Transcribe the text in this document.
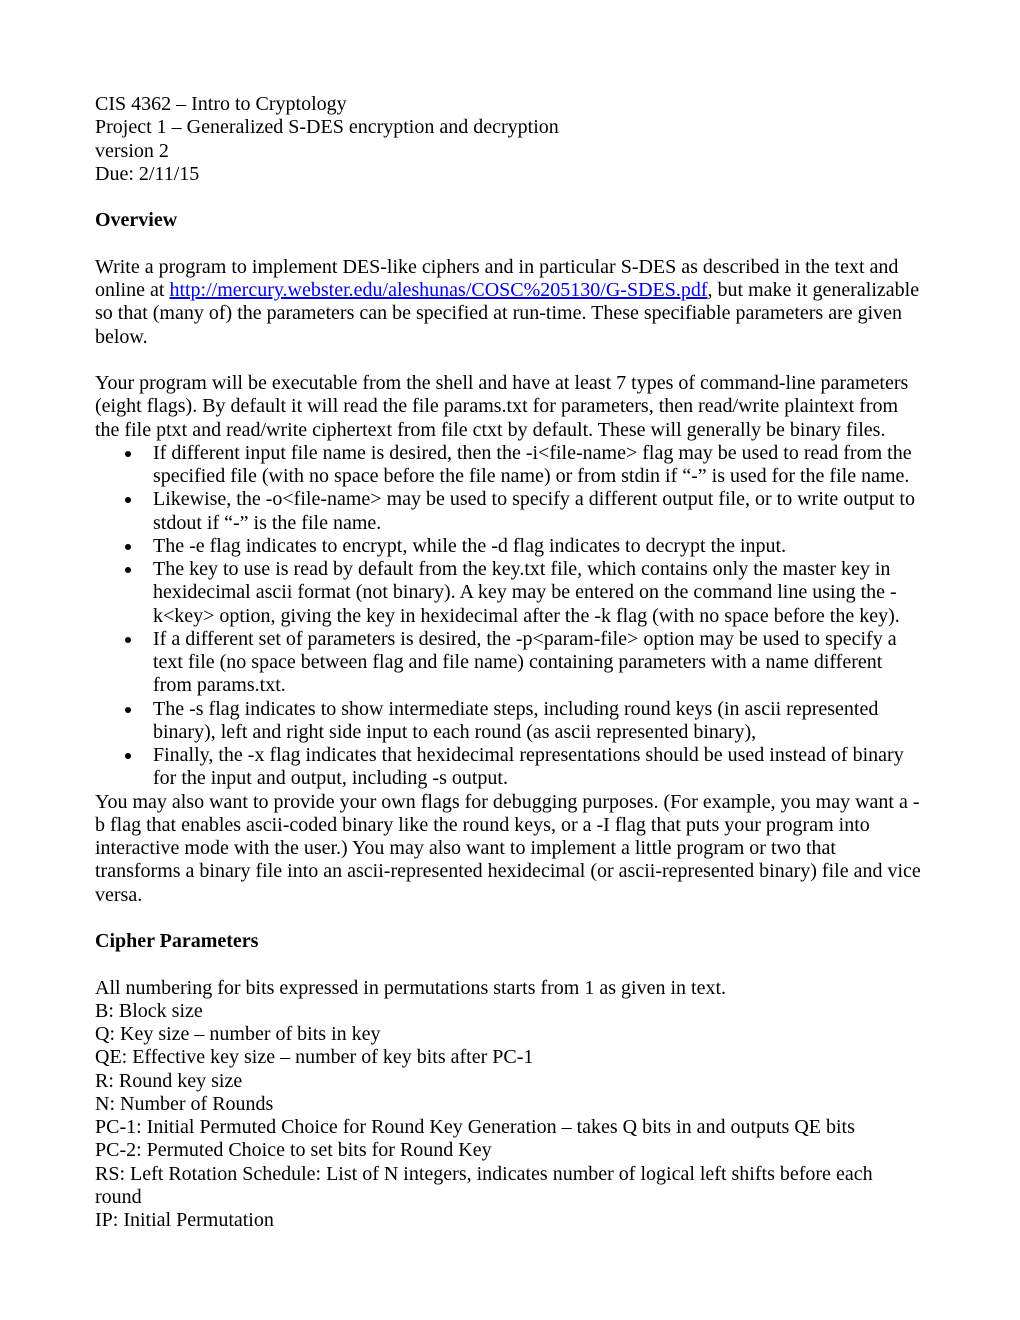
CIS 4362 – Intro to Cryptology
Project 1 – Generalized S-DES encryption and decryption
version 2
Due: 2/11/15
Overview

Write a program to implement DES-like ciphers and in particular S-DES as described in the text and online at http://mercury.webster.edu/aleshunas/COSC%205130/G-SDES.pdf, but make it generalizable so that (many of) the parameters can be specified at run-time. These specifiable parameters are given below.

Your program will be executable from the shell and have at least 7 types of command-line parameters (eight flags). By default it will read the file params.txt for parameters, then read/write plaintext from the file ptxt and read/write ciphertext from file ctxt by default. These will generally be binary files.

• If different input file name is desired, then the -i<file-name> flag may be used to read from the specified file (with no space before the file name) or from stdin if “-” is used for the file name.
• Likewise, the -o<file-name> may be used to specify a different output file, or to write output to stdout if “-” is the file name.
• The -e flag indicates to encrypt, while the -d flag indicates to decrypt the input.
• The key to use is read by default from the key.txt file, which contains only the master key in hexidecimal ascii format (not binary). A key may be entered on the command line using the -k<key> option, giving the key in hexidecimal after the -k flag (with no space before the key).
• If a different set of parameters is desired, the -p<param-file> option may be used to specify a text file (no space between flag and file name) containing parameters with a name different from params.txt.
• The -s flag indicates to show intermediate steps, including round keys (in ascii represented binary), left and right side input to each round (as ascii represented binary),
• Finally, the -x flag indicates that hexidecimal representations should be used instead of binary for the input and output, including -s output.

You may also want to provide your own flags for debugging purposes. (For example, you may want a -b flag that enables ascii-coded binary like the round keys, or a -I flag that puts your program into interactive mode with the user.) You may also want to implement a little program or two that transforms a binary file into an ascii-represented hexidecimal (or ascii-represented binary) file and vice versa.

Cipher Parameters
All numbering for bits expressed in permutations starts from 1 as given in text.
B: Block size
Q: Key size – number of bits in key
QE: Effective key size – number of key bits after PC-1
R: Round key size
N: Number of Rounds
PC-1: Initial Permuted Choice for Round Key Generation – takes Q bits in and outputs QE bits
PC-2: Permuted Choice to set bits for Round Key
RS: Left Rotation Schedule: List of N integers, indicates number of logical left shifts before each round
IP: Initial Permutation
